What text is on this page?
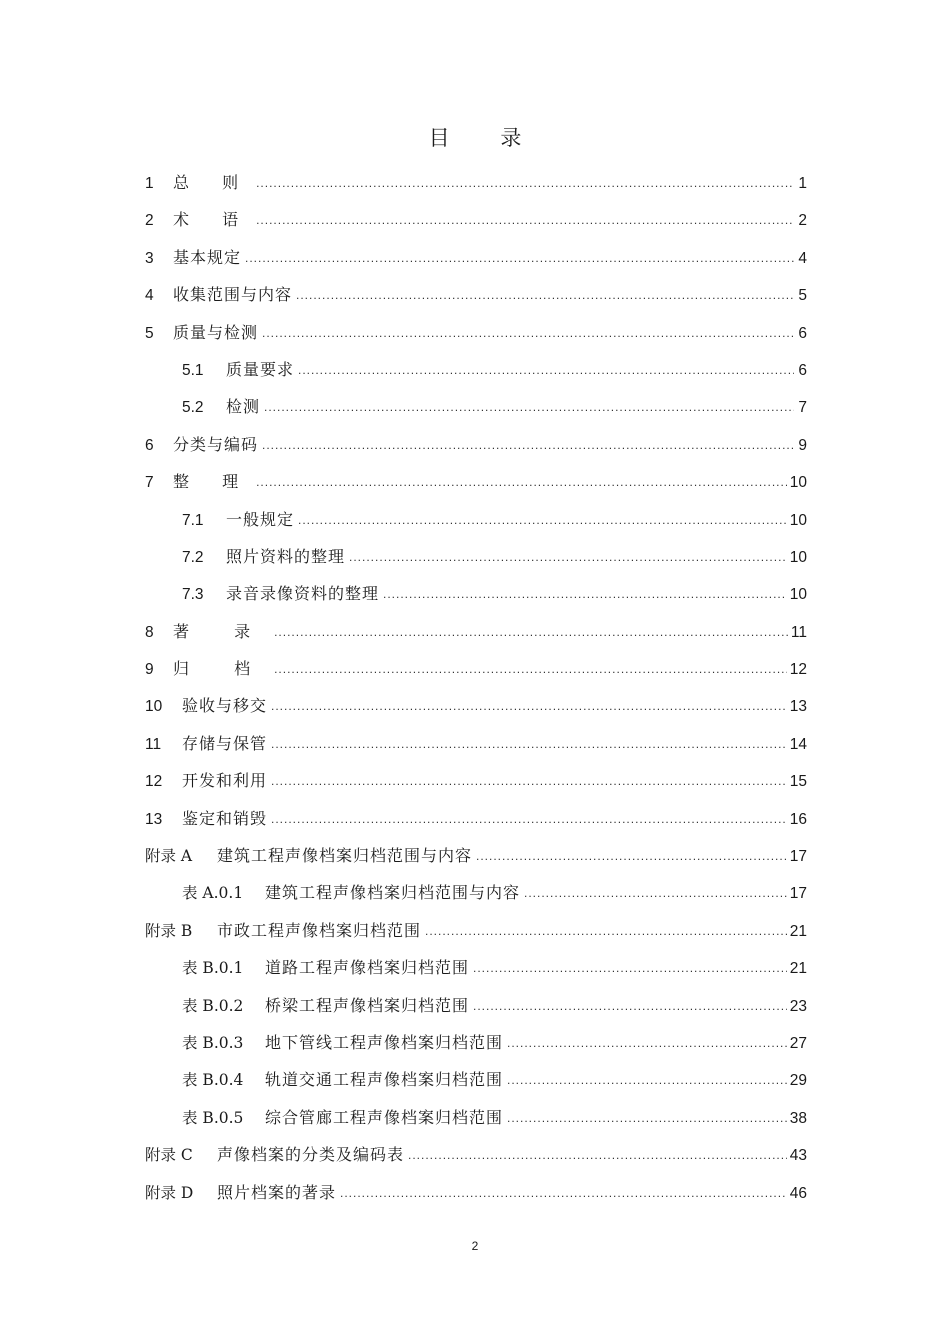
目 录
1	总 则 .....	1
2	术 语 .....	2
3	基本规定 .....	4
4	收集范围与内容 .....	5
5	质量与检测 .....	6
5.1	质量要求 .....	6
5.2	检测 .....	7
6	分类与编码 .....	9
7	整 理 .....	10
7.1	一般规定 .....	10
7.2	照片资料的整理 .....	10
7.3	录音录像资料的整理 .....	10
8	著 录 .....	11
9	归 档 .....	12
10	验收与移交 .....	13
11	存储与保管 .....	14
12	开发和利用 .....	15
13	鉴定和销毁 .....	16
附录 A	建筑工程声像档案归档范围与内容 .....	17
表 A.0.1	建筑工程声像档案归档范围与内容 .....	17
附录 B	市政工程声像档案归档范围 .....	21
表 B.0.1	道路工程声像档案归档范围 .....	21
表 B.0.2	桥梁工程声像档案归档范围 .....	23
表 B.0.3	地下管线工程声像档案归档范围 .....	27
表 B.0.4	轨道交通工程声像档案归档范围 .....	29
表 B.0.5	综合管廊工程声像档案归档范围 .....	38
附录 C	声像档案的分类及编码表 .....	43
附录 D	照片档案的著录 .....	46
2
